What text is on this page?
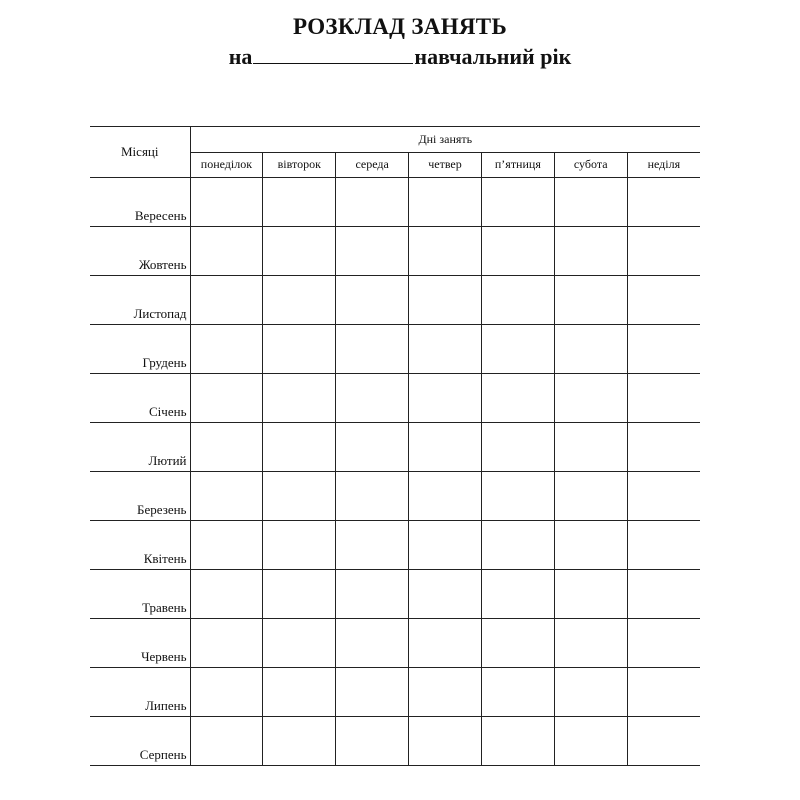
РОЗКЛАД ЗАНЯТЬ
на	навчальний рік
Місяці	Дні занять						
	понеділок	вівторок	середа	четвер	п’ятниця	субота	неділя
Вересень							
Жовтень							
Листопад							
Грудень							
Січень							
Лютий							
Березень							
Квітень							
Травень							
Червень							
Липень							
Серпень							
